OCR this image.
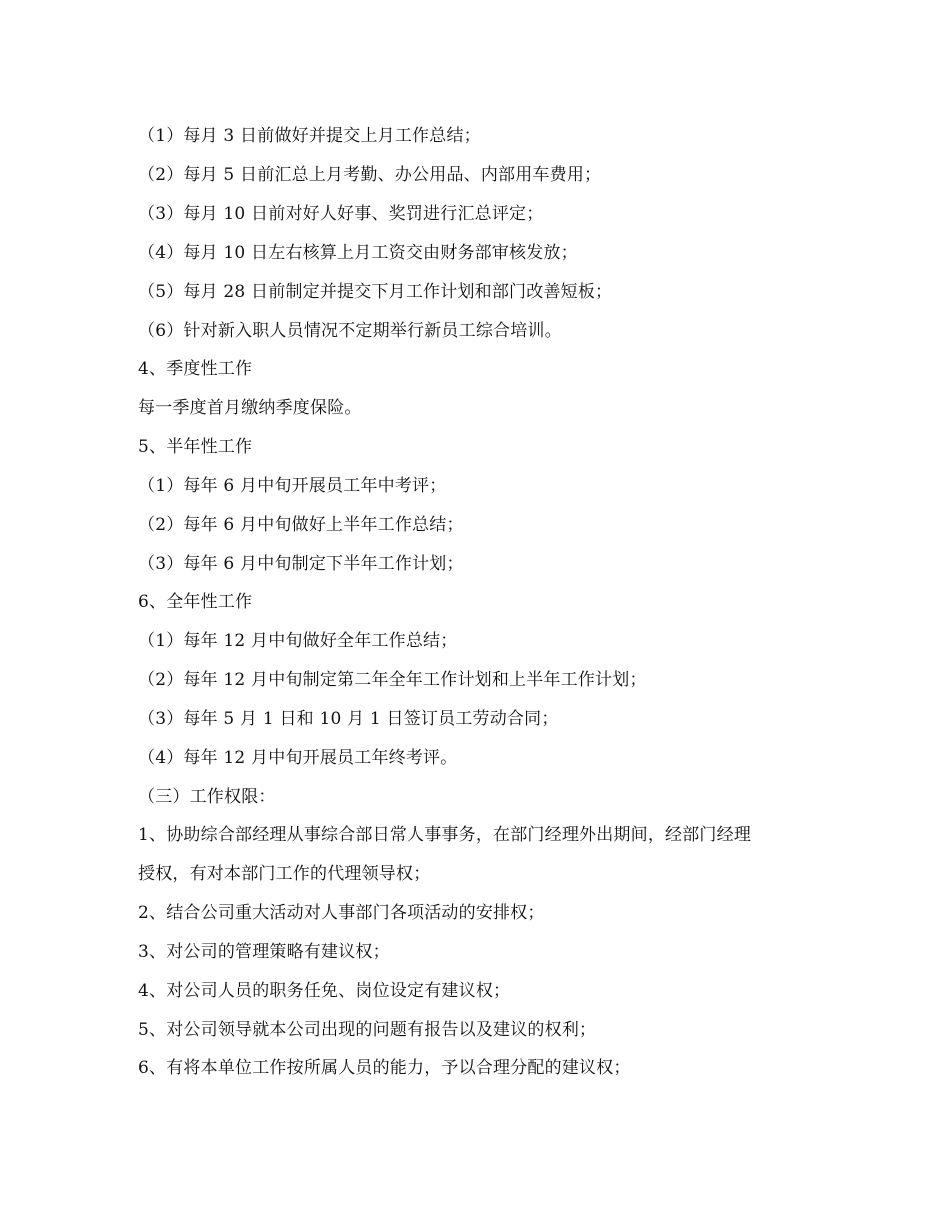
（1）每月 3 日前做好并提交上月工作总结；
（2）每月 5 日前汇总上月考勤、办公用品、内部用车费用；
（3）每月 10 日前对好人好事、奖罚进行汇总评定；
（4）每月 10 日左右核算上月工资交由财务部审核发放；
（5）每月 28 日前制定并提交下月工作计划和部门改善短板；
（6）针对新入职人员情况不定期举行新员工综合培训。
4、季度性工作
每一季度首月缴纳季度保险。
5、半年性工作
（1）每年 6 月中旬开展员工年中考评；
（2）每年 6 月中旬做好上半年工作总结；
（3）每年 6 月中旬制定下半年工作计划；
6、全年性工作
（1）每年 12 月中旬做好全年工作总结；
（2）每年 12 月中旬制定第二年全年工作计划和上半年工作计划；
（3）每年 5 月 1 日和 10 月 1 日签订员工劳动合同；
（4）每年 12 月中旬开展员工年终考评。
（三）工作权限：
1、协助综合部经理从事综合部日常人事事务，在部门经理外出期间，经部门经理
授权，有对本部门工作的代理领导权；
2、结合公司重大活动对人事部门各项活动的安排权；
3、对公司的管理策略有建议权；
4、对公司人员的职务任免、岗位设定有建议权；
5、对公司领导就本公司出现的问题有报告以及建议的权利；
6、有将本单位工作按所属人员的能力，予以合理分配的建议权；
